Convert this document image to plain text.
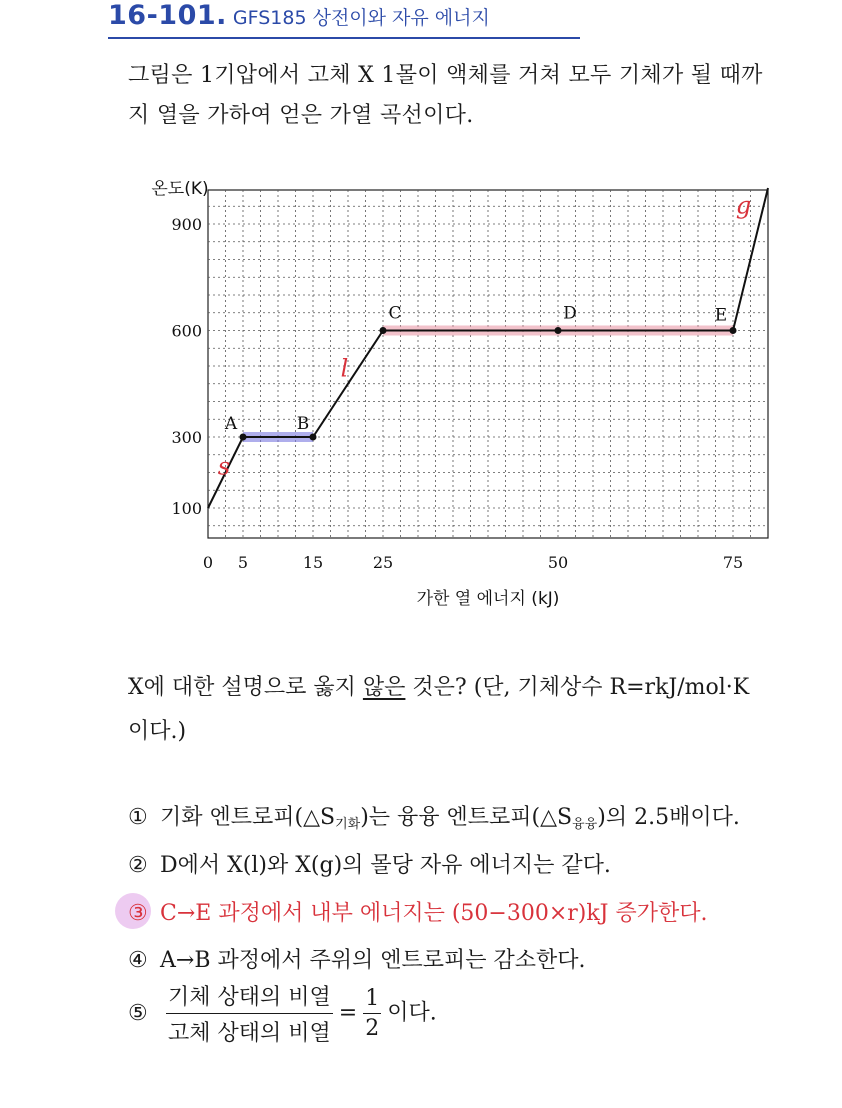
16-101. GFS185 상전이와 자유 에너지
그림은 1기압에서 고체 X 1몰이 액체를 거쳐 모두 기체가 될 때까
지 열을 가하여 얻은 가열 곡선이다.
A	B
C	D	E
100
300
600
900
0 5	15	25	50	75
온도(K)
가한 열 에너지 (kJ)
s
l
g
X에 대한 설명으로 옳지 않은 것은? (단, 기체상수 R=rkJ/mol·K
이다.)
① 기화 엔트로피$(\triangle S_{기화})$는 융융 엔트로피$(\triangle S_{융융})$의 2.5배이다.
② D에서 X(l)와 X(g)의 몰당 자유 에너지는 같다.
③ C→E 과정에서 내부 에너지는 (50−300×r)kJ 증가한다.
④ A→B 과정에서 주위의 엔트로피는 감소한다.
⑤ $\frac{\text{기체 상태의 비열}}{\text{고체 상태의 비열}} = \frac{1}{2}$ 이다.
